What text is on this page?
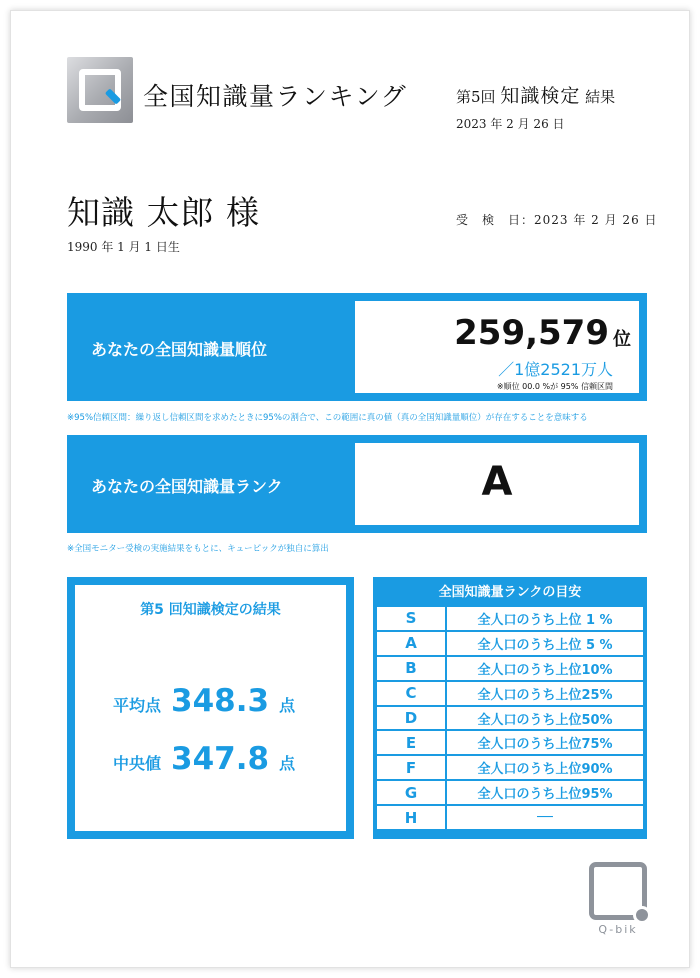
全国知識量ランキング	第5回 知識検定 結果
2023 年 2 月 26 日
知識 太郎 様
1990 年 1 月 1 日生
受　検　日：2023 年 2 月 26 日
あなたの全国知識量順位	259,579 位
／1億2521万人
※順位 00.0 %が 95% 信頼区間
※95%信頼区間：繰り返し信頼区間を求めたときに95%の割合で、この範囲に真の値（真の全国知識量順位）が存在することを意味する
あなたの全国知識量ランク	A
※全国モニター受検の実施結果をもとに、キューピックが独自に算出
第5 回知識検定の結果
平均点 348.3 点
中央値 347.8 点
全国知識量ランクの目安
S	全人口のうち上位 1 %
A	全人口のうち上位 5 %
B	全人口のうち上位10%
C	全人口のうち上位25%
D	全人口のうち上位50%
E	全人口のうち上位75%
F	全人口のうち上位90%
G	全人口のうち上位95%
H	──
Q-bik
